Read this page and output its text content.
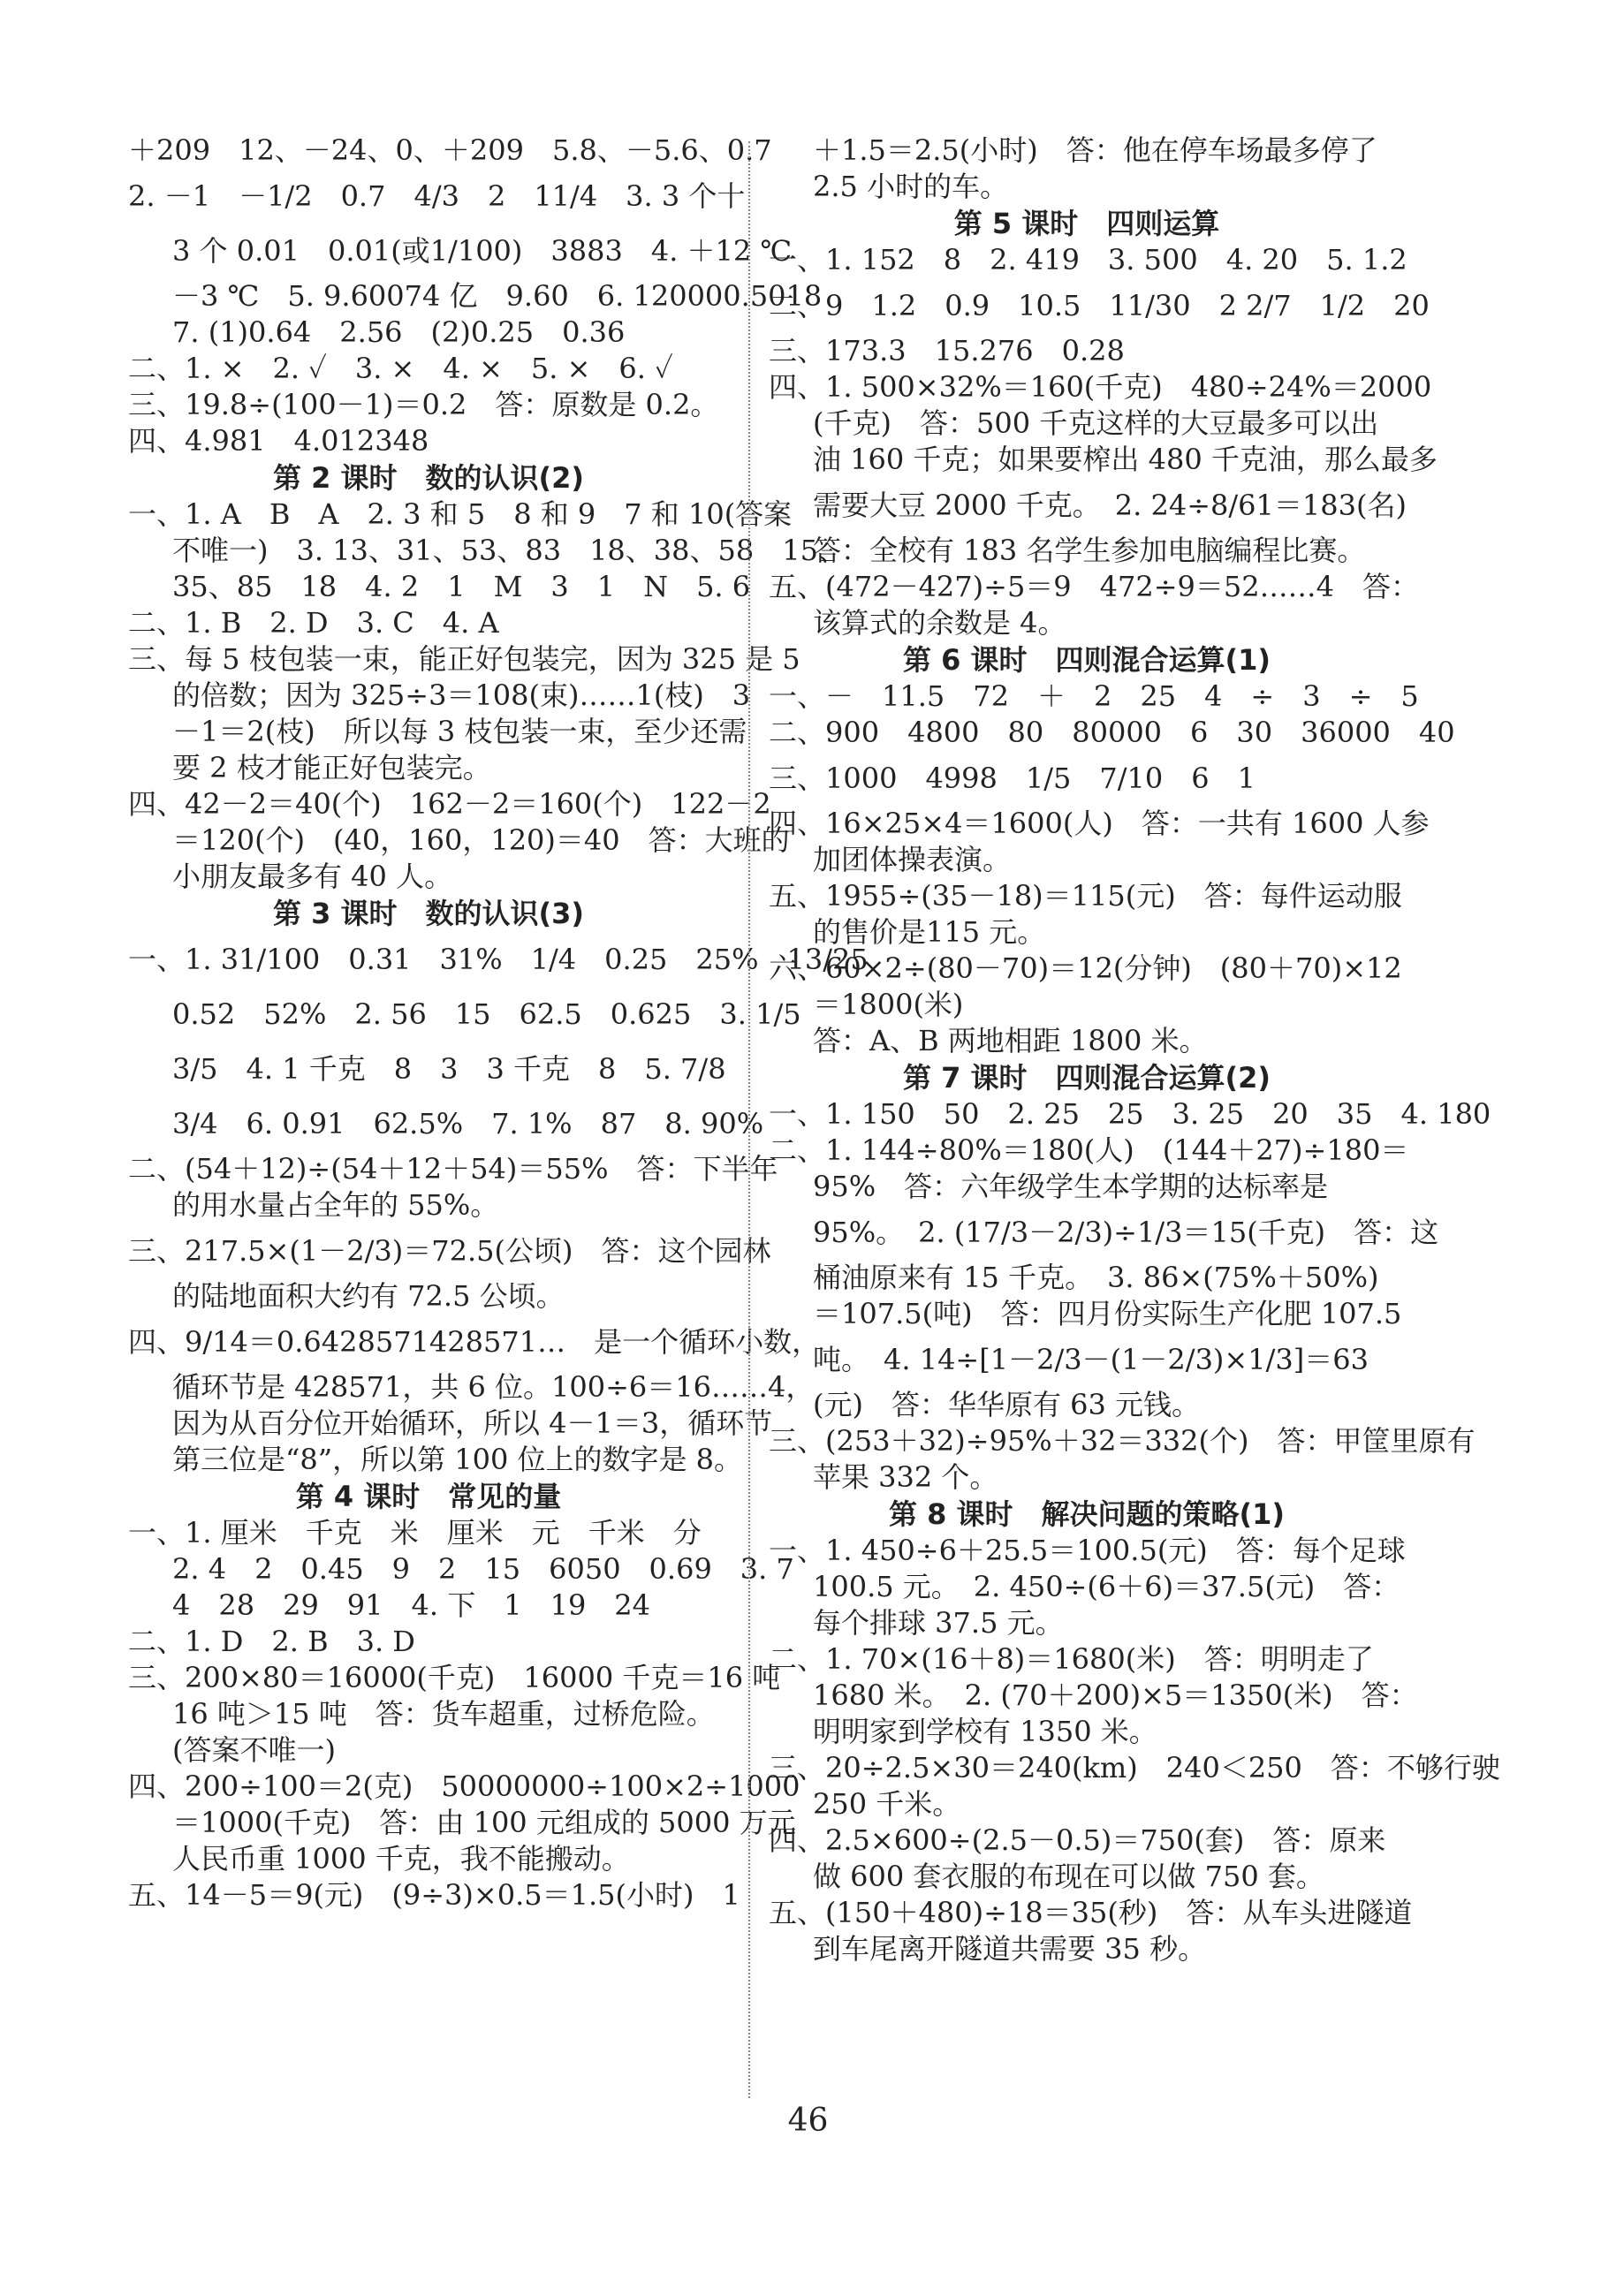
＋209　12、－24、0、＋209　5.8、－5.6、0.7
2. －1　－1/2　0.7　4/3　2　11/4　3. 3 个十
3 个 0.01　0.01(或1/100)　3883　4. ＋12 ℃
－3 ℃　5. 9.60074 亿　9.60　6. 120000.5018
7. (1)0.64　2.56　(2)0.25　0.36
二、1. ×　2. ✓　3. ×　4. ×　5. ×　6. ✓
三、19.8÷(100－1)＝0.2　答：原数是 0.2。
四、4.981　4.012348
第 2 课时　数的认识(2)
一、1. A　B　A　2. 3 和 5　8 和 9　7 和 10(答案
不唯一)　3. 13、31、53、83　18、38、58　15、
35、85　18　4. 2　1　M　3　1　N　5. 6
二、1. B　2. D　3. C　4. A
三、每 5 枝包装一束，能正好包装完，因为 325 是 5
的倍数；因为 325÷3＝108(束)……1(枝)　3
－1＝2(枝)　所以每 3 枝包装一束，至少还需
要 2 枝才能正好包装完。
四、42－2＝40(个)　162－2＝160(个)　122－2
＝120(个)　(40，160，120)＝40　答：大班的
小朋友最多有 40 人。
第 3 课时　数的认识(3)
一、1. 31/100　0.31　31%　1/4　0.25　25%　13/25
0.52　52%　2. 56　15　62.5　0.625　3. 1/5
3/5　4. 1 千克　8　3　3 千克　8　5. 7/8
3/4　6. 0.91　62.5%　7. 1%　87　8. 90%
二、(54＋12)÷(54＋12＋54)＝55%　答：下半年
的用水量占全年的 55%。
三、217.5×(1－2/3)＝72.5(公顷)　答：这个园林
的陆地面积大约有 72.5 公顷。
四、9/14＝0.6428571428571…　是一个循环小数，
循环节是 428571，共 6 位。100÷6＝16……4，
因为从百分位开始循环，所以 4－1＝3，循环节
第三位是“8”，所以第 100 位上的数字是 8。
第 4 课时　常见的量
一、1. 厘米　千克　米　厘米　元　千米　分
2. 4　2　0.45　9　2　15　6050　0.69　3. 7
4　28　29　91　4. 下　1　19　24
二、1. D　2. B　3. D
三、200×80＝16000(千克)　16000 千克＝16 吨
16 吨＞15 吨　答：货车超重，过桥危险。
(答案不唯一)
四、200÷100＝2(克)　50000000÷100×2÷1000
＝1000(千克)　答：由 100 元组成的 5000 万元
人民币重 1000 千克，我不能搬动。
五、14－5＝9(元)　(9÷3)×0.5＝1.5(小时)　1
＋1.5＝2.5(小时)　答：他在停车场最多停了
2.5 小时的车。
第 5 课时　四则运算
一、1. 152　8　2. 419　3. 500　4. 20　5. 1.2
二、9　1.2　0.9　10.5　11/30　2 2/7　1/2　20
三、173.3　15.276　0.28
四、1. 500×32%＝160(千克)　480÷24%＝2000
(千克)　答：500 千克这样的大豆最多可以出
油 160 千克；如果要榨出 480 千克油，那么最多
需要大豆 2000 千克。　2. 24÷8/61＝183(名)
答：全校有 183 名学生参加电脑编程比赛。
五、(472－427)÷5＝9　472÷9＝52……4　答：
该算式的余数是 4。
第 6 课时　四则混合运算(1)
一、－　11.5　72　＋　2　25　4　÷　3　÷　5
二、900　4800　80　80000　6　30　36000　40
三、1000　4998　1/5　7/10　6　1
四、16×25×4＝1600(人)　答：一共有 1600 人参
加团体操表演。
五、1955÷(35－18)＝115(元)　答：每件运动服
的售价是115 元。
六、60×2÷(80－70)＝12(分钟)　(80＋70)×12
＝1800(米)
答：A、B 两地相距 1800 米。
第 7 课时　四则混合运算(2)
一、1. 150　50　2. 25　25　3. 25　20　35　4. 180
二、1. 144÷80%＝180(人)　(144＋27)÷180＝
95%　答：六年级学生本学期的达标率是
95%。　2. (17/3－2/3)÷1/3＝15(千克)　答：这
桶油原来有 15 千克。　3. 86×(75%＋50%)
＝107.5(吨)　答：四月份实际生产化肥 107.5
吨。　4. 14÷[1－2/3－(1－2/3)×1/3]＝63
(元)　答：华华原有 63 元钱。
三、(253＋32)÷95%＋32＝332(个)　答：甲筐里原有
苹果 332 个。
第 8 课时　解决问题的策略(1)
一、1. 450÷6＋25.5＝100.5(元)　答：每个足球
100.5 元。　2. 450÷(6＋6)＝37.5(元)　答：
每个排球 37.5 元。
二、1. 70×(16＋8)＝1680(米)　答：明明走了
1680 米。　2. (70＋200)×5＝1350(米)　答：
明明家到学校有 1350 米。
三、20÷2.5×30＝240(km)　240＜250　答：不够行驶
250 千米。
四、2.5×600÷(2.5－0.5)＝750(套)　答：原来
做 600 套衣服的布现在可以做 750 套。
五、(150＋480)÷18＝35(秒)　答：从车头进隧道
到车尾离开隧道共需要 35 秒。
46
